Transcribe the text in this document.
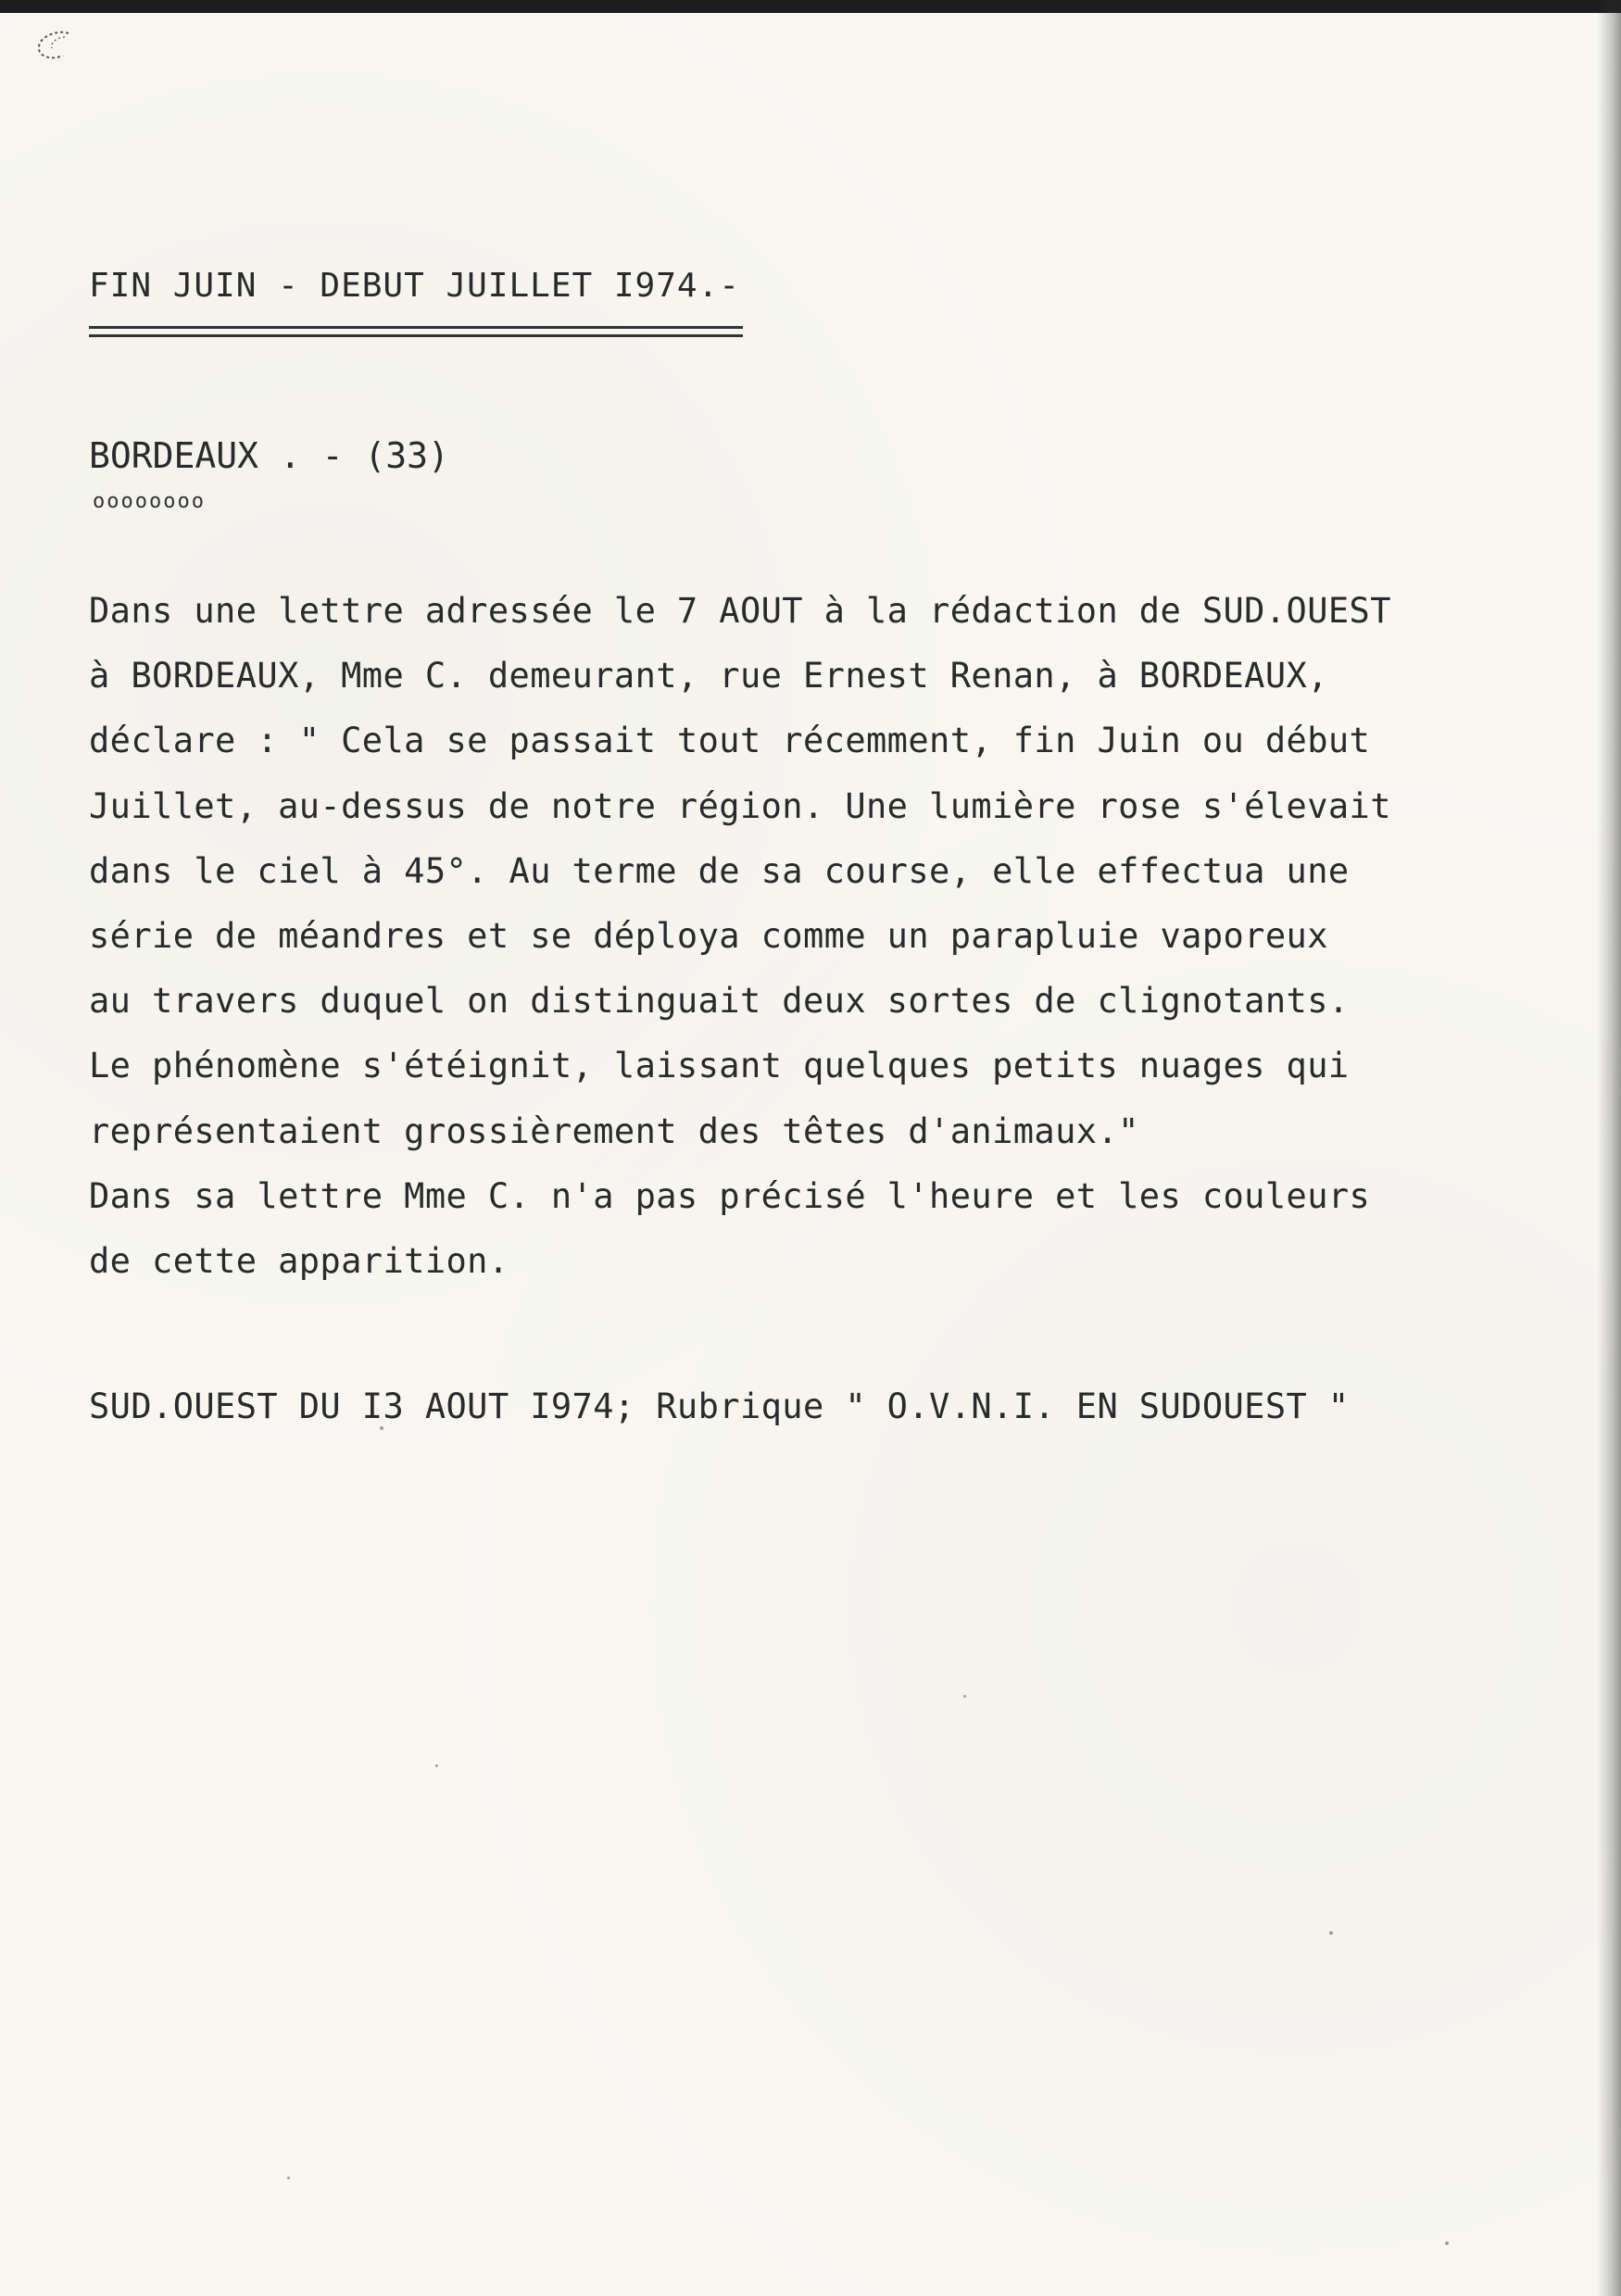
FIN JUIN - DEBUT JUILLET I974.-
BORDEAUX . - (33)
oooooooo
Dans une lettre adressée le 7 AOUT à la rédaction de SUD.OUEST
à BORDEAUX, Mme C. demeurant, rue Ernest Renan, à BORDEAUX,
déclare : " Cela se passait tout récemment, fin Juin ou début
Juillet, au-dessus de notre région. Une lumière rose s'élevait
dans le ciel à 45°. Au terme de sa course, elle effectua une
série de méandres et se déploya comme un parapluie vaporeux
au travers duquel on distinguait deux sortes de clignotants.
Le phénomène s'étéignit, laissant quelques petits nuages qui
représentaient grossièrement des têtes d'animaux."
Dans sa lettre Mme C. n'a pas précisé l'heure et les couleurs
de cette apparition.
SUD.OUEST DU I3 AOUT I974; Rubrique " O.V.N.I. EN SUDOUEST "
